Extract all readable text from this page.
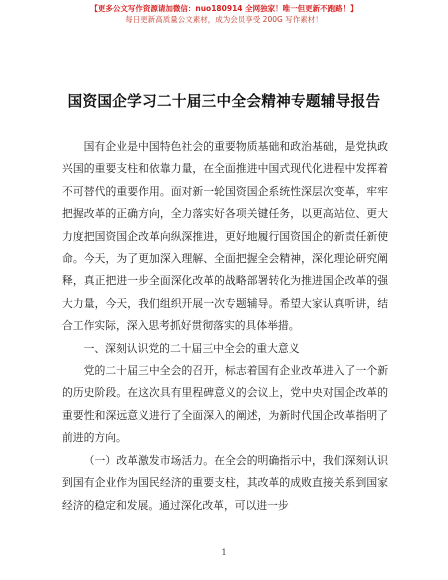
【更多公文写作资源请加微信：nuo180914 全网独家！唯一但更新不跑路！】
每日更新高质量公文素材，成为会员享受 200G 写作素材！
国资国企学习二十届三中全会精神专题辅导报告

国有企业是中国特色社会的重要物质基础和政治基础，是党执政兴国的重要支柱和依靠力量，在全面推进中国式现代化进程中发挥着不可替代的重要作用。面对新一轮国资国企系统性深层次变革，牢牢把握改革的正确方向，全力落实好各项关键任务，以更高站位、更大力度把国资国企改革向纵深推进，更好地履行国资国企的新责任新使命。今天，为了更加深入理解、全面把握全会精神，深化理论研究阐释，真正把进一步全面深化改革的战略部署转化为推进国企改革的强大力量，今天，我们组织开展一次专题辅导。希望大家认真听讲，结合工作实际，深入思考抓好贯彻落实的具体举措。

一、深刻认识党的二十届三中全会的重大意义

党的二十届三中全会的召开，标志着国有企业改革进入了一个新的历史阶段。在这次具有里程碑意义的会议上，党中央对国企改革的重要性和深远意义进行了全面深入的阐述，为新时代国企改革指明了前进的方向。

（一）改革激发市场活力。在全会的明确指示中，我们深刻认识到国有企业作为国民经济的重要支柱，其改革的成败直接关系到国家经济的稳定和发展。通过深化改革，可以进一步

1
